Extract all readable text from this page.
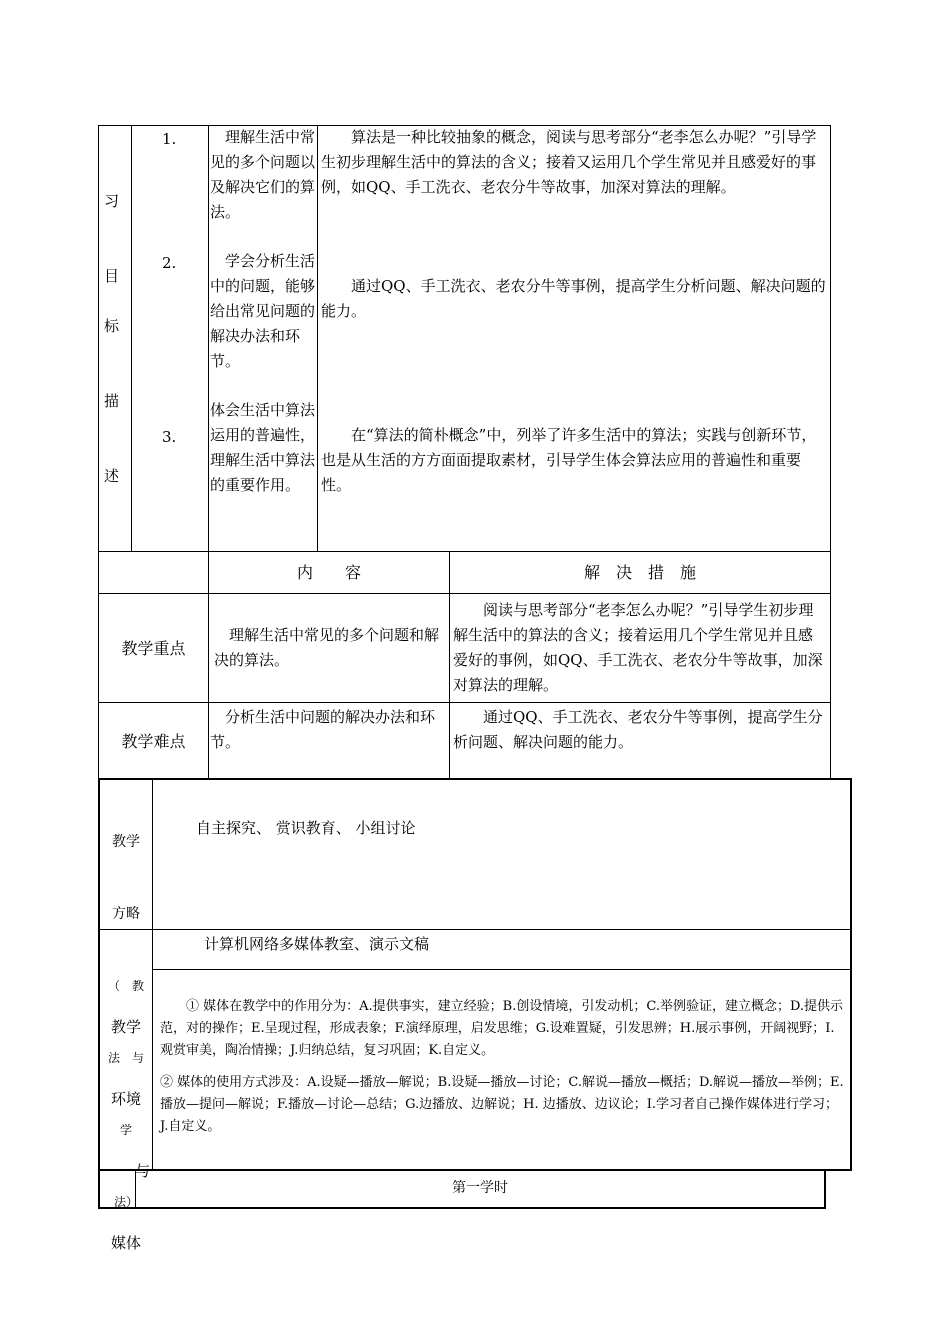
习
目
标
描
述
1. 　理解生活中常见的多个问题以及解决它们的算法。
　　算法是一种比较抽象的概念，阅读与思考部分“老李怎么办呢？”引导学生初步理解生活中的算法的含义；接着又运用几个学生常见并且感爱好的事例，如QQ、手工洗衣、老农分牛等故事，加深对算法的理解。
2. 　学会分析生活中的问题，能够给出常见问题的解决办法和环节。
　　通过QQ、手工洗衣、老农分牛等事例，提高学生分析问题、解决问题的能力。
3.
体会生活中算法运用的普遍性，理解生活中算法的重要作用。
　　在“算法的简朴概念”中，列举了许多生活中的算法；实践与创新环节，也是从生活的方方面面提取素材，引导学生体会算法应用的普遍性和重要性。
内　　容	解　决　措　施
教学重点
　理解生活中常见的多个问题和解决的算法。
　　阅读与思考部分“老李怎么办呢？”引导学生初步理解生活中的算法的含义；接着运用几个学生常见并且感爱好的事例，如QQ、手工洗衣、老农分牛等故事，加深对算法的理解。
教学难点
　分析生活中问题的解决办法和环节。
　　通过QQ、手工洗衣、老农分牛等事例，提高学生分析问题、解决问题的能力。

教学

方略

（　教

法　与

学

法）

自主探究、 赏识教育、 小组讨论

教学

环境

　与

媒体

计算机网络多媒体教室、演示文稿
　　① 媒体在教学中的作用分为：A.提供事实，建立经验；B.创设情境，引发动机；C.举例验证，建立概念；D.提供示范，对的操作；E.呈现过程，形成表象；F.演绎原理，启发思维；G.设难置疑，引发思辨；H.展示事例，开阔视野；I.观赏审美，陶冶情操；J.归纳总结，复习巩固；K.自定义。
② 媒体的使用方式涉及：A.设疑—播放—解说；B.设疑—播放—讨论；C.解说—播放—概括；D.解说—播放—举例；E.播放—提问—解说；F.播放—讨论—总结；G.边播放、边解说；H. 边播放、边议论；I.学习者自己操作媒体进行学习；J.自定义。
第一学时
